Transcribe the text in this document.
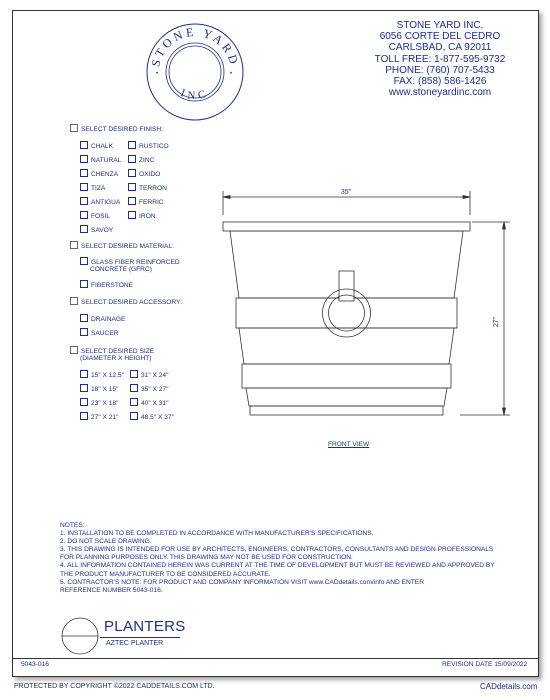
STONE YARD
INC
•	•
STONE YARD INC.
6056 CORTE DEL CEDRO
CARLSBAD, CA 92011
TOLL FREE: 1-877-595-9732
PHONE: (760) 707-5433
FAX: (858) 586-1426
www.stoneyardinc.com
SELECT DESIRED FINISH:
CHALK
NATURAL
CHENZA
TIZA
ANTIGUA
FOSIL
SAVOY
RUSTICO
ZINC
OXIDO
TERRON
FERRIC
IRON
SELECT DESIRED MATERIAL:
GLASS FIBER REINFORCED
CONCRETE (GFRC)
FIBERSTONE
SELECT DESIRED ACCESSORY:
DRAINAGE
SAUCER
SELECT DESIRED SIZE
(DIAMETER X HEIGHT)
15" X 12.5"
18" X 15"
23" X 18"
27" X 21"
31" X 24"
35" X 27"
40" X 31"
48.5" X 37"
35"
27"
FRONT VIEW
NOTES:
1. INSTALLATION TO BE COMPLETED IN ACCORDANCE WITH MANUFACTURER'S SPECIFICATIONS.
2. DO NOT SCALE DRAWING.
3. THIS DRAWING IS INTENDED FOR USE BY ARCHITECTS, ENGINEERS, CONTRACTORS, CONSULTANTS AND DESIGN PROFESSIONALS
FOR PLANNING PURPOSES ONLY. THIS DRAWING MAY NOT BE USED FOR CONSTRUCTION.
4. ALL INFORMATION CONTAINED HEREIN WAS CURRENT AT THE TIME OF DEVELOPMENT BUT MUST BE REVIEWED AND APPROVED BY
THE PRODUCT MANUFACTURER TO BE CONSIDERED ACCURATE.
5. CONTRACTOR'S NOTE: FOR PRODUCT AND COMPANY INFORMATION VISIT www.CADdetails.com/info AND ENTER
REFERENCE NUMBER 5043-016.
PLANTERS
AZTEC PLANTER
5043-016	REVISION DATE 15/09/2022
PROTECTED BY COPYRIGHT ©2022 CADDETAILS.COM LTD.	CADdetails.com
